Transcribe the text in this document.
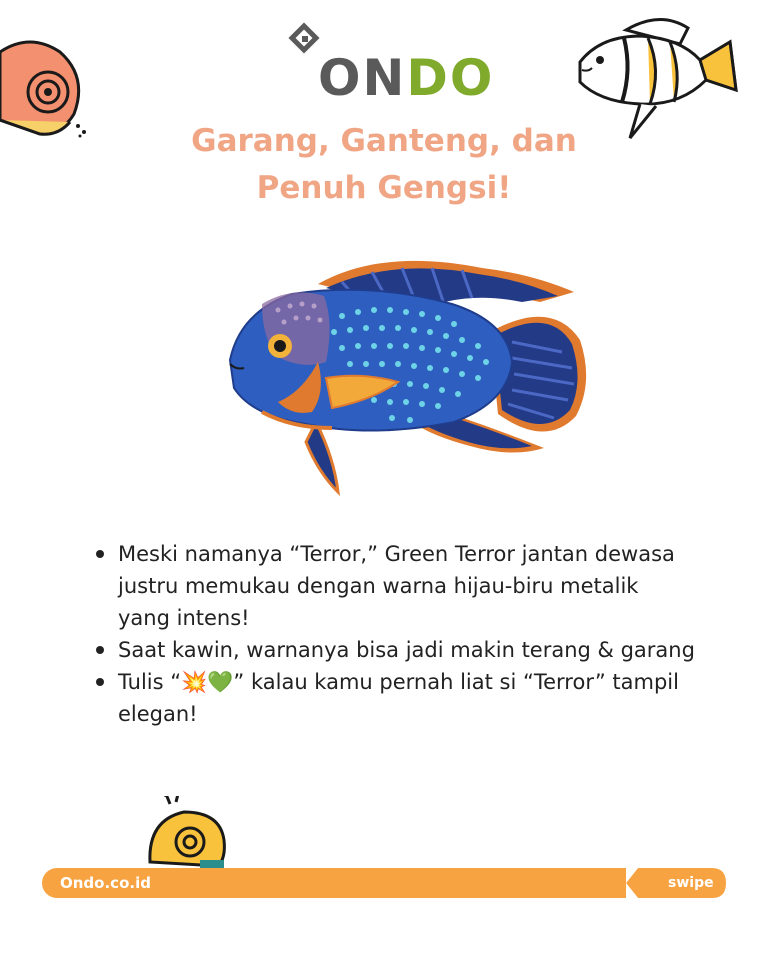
ONDO
Garang, Ganteng, dan
Penuh Gengsi!
Meski namanya “Terror,” Green Terror jantan dewasa justru memukau dengan warna hijau-biru metalik yang intens!
Saat kawin, warnanya bisa jadi makin terang & garang
Tulis “💥💚” kalau kamu pernah liat si “Terror” tampil elegan!
Ondo.co.id	swipe
